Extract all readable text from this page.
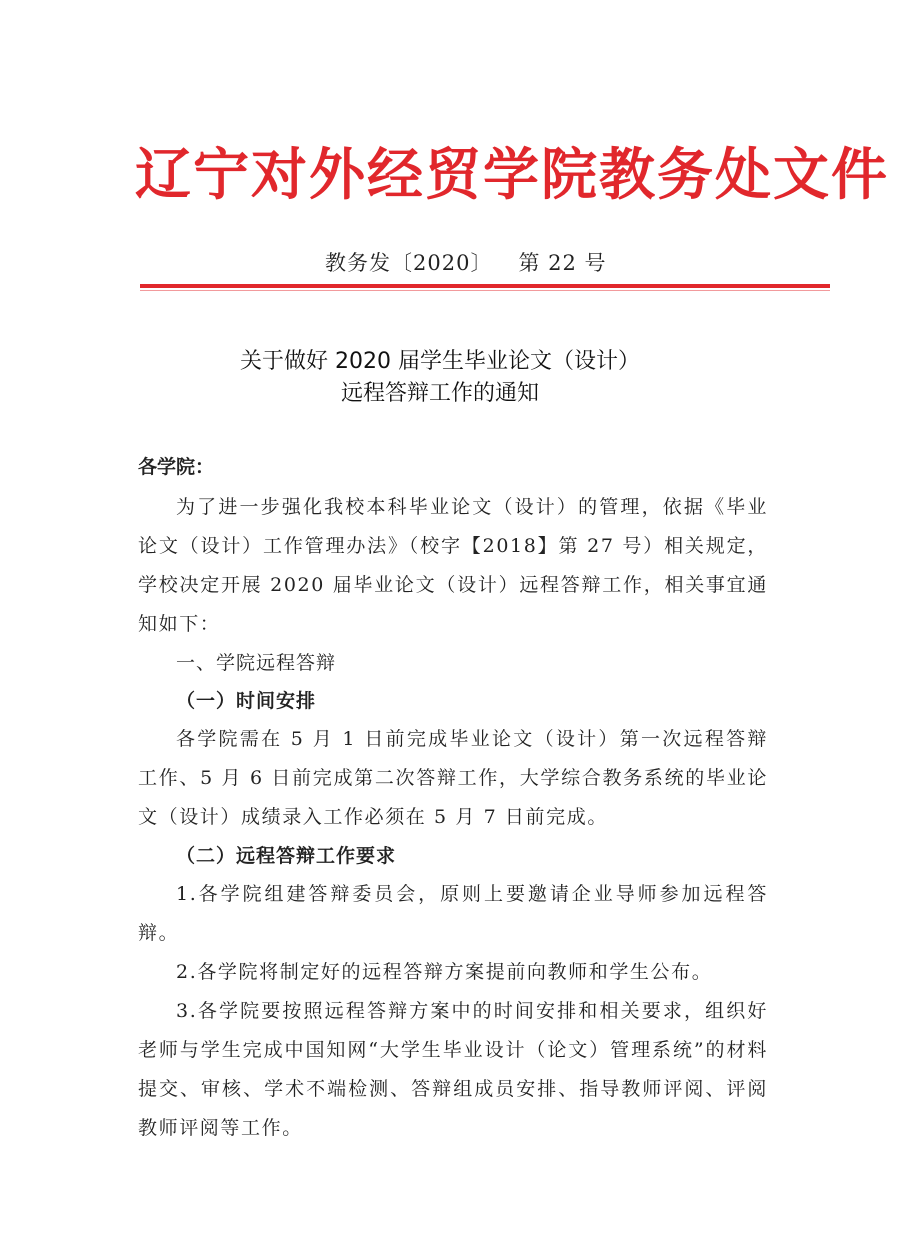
辽宁对外经贸学院教务处文件
教务发〔2020〕 第 22 号
关于做好 2020 届学生毕业论文（设计）
远程答辩工作的通知
各学院：
为了进一步强化我校本科毕业论文（设计）的管理，依据《毕业论文（设计）工作管理办法》（校字【2018】第 27 号）相关规定，学校决定开展 2020 届毕业论文（设计）远程答辩工作，相关事宜通知如下：
一、学院远程答辩
（一）时间安排
各学院需在 5 月 1 日前完成毕业论文（设计）第一次远程答辩工作、5 月 6 日前完成第二次答辩工作，大学综合教务系统的毕业论文（设计）成绩录入工作必须在 5 月 7 日前完成。
（二）远程答辩工作要求
1.各学院组建答辩委员会，原则上要邀请企业导师参加远程答辩。
2.各学院将制定好的远程答辩方案提前向教师和学生公布。
3.各学院要按照远程答辩方案中的时间安排和相关要求，组织好老师与学生完成中国知网“大学生毕业设计（论文）管理系统”的材料提交、审核、学术不端检测、答辩组成员安排、指导教师评阅、评阅教师评阅等工作。
